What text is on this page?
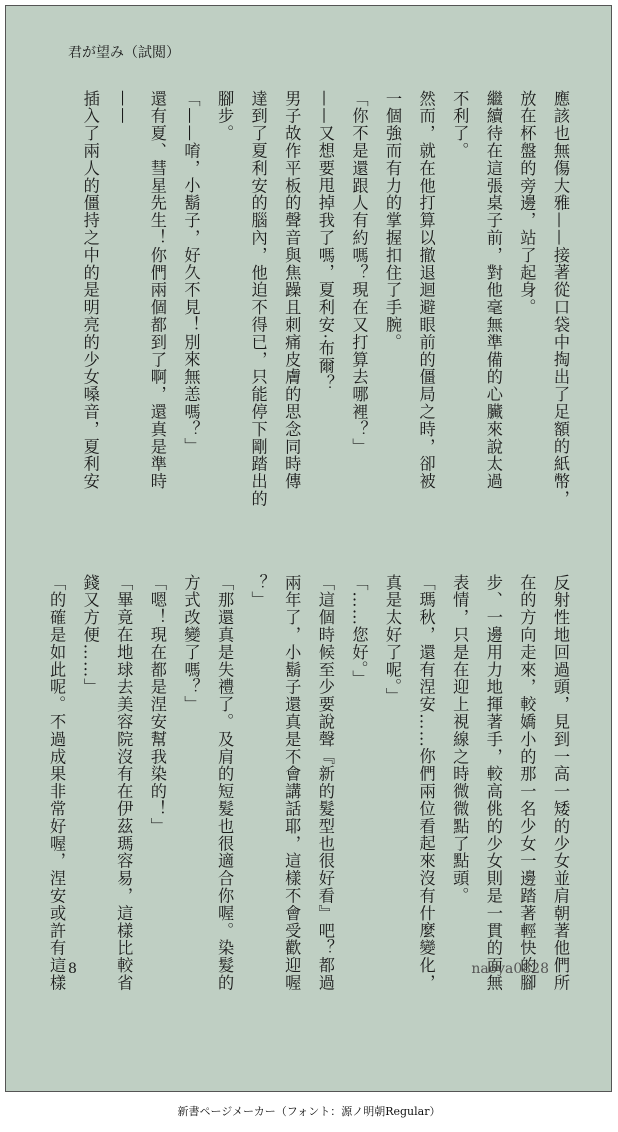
君が望み（試閲）
應該也無傷大雅——接著從口袋中掏出了足額的紙幣，
放在杯盤的旁邊，站了起身。
繼續待在這張桌子前，對他毫無準備的心臟來說太過
不利了。
然而，就在他打算以撤退迴避眼前的僵局之時，卻被
一個強而有力的掌握扣住了手腕。
「你不是還跟人有約嗎？現在又打算去哪裡？」
——又想要甩掉我了嗎，夏利安·布爾？
男子故作平板的聲音與焦躁且刺痛皮膚的思念同時傳
達到了夏利安的腦內，他迫不得已，只能停下剛踏出的
腳步。
「——唷，小鬍子，好久不見！別來無恙嗎？」
還有夏、彗星先生！你們兩個都到了啊，還真是準時
——
插入了兩人的僵持之中的是明亮的少女嗓音，夏利安
反射性地回過頭，見到一高一矮的少女並肩朝著他們所
在的方向走來，較嬌小的那一名少女一邊踏著輕快的腳
步、一邊用力地揮著手，較高佻的少女則是一貫的面無
表情，只是在迎上視線之時微微點了點頭。
「瑪秋，還有涅安……你們兩位看起來沒有什麼變化，
真是太好了呢。」
「……您好。」
「這個時候至少要說聲『新的髮型也很好看』吧？都過
兩年了，小鬍子還真是不會講話耶，這樣不會受歡迎喔
？」
「那還真是失禮了。及肩的短髮也很適合你喔。染髮的
方式改變了嗎？」
「嗯！現在都是涅安幫我染的！」
「畢竟在地球去美容院沒有在伊茲瑪容易，這樣比較省
錢又方便……」
「的確是如此呢。不過成果非常好喔，涅安或許有這樣 8	naoya0828
新書ページメーカー（フォント：源ノ明朝Regular）
